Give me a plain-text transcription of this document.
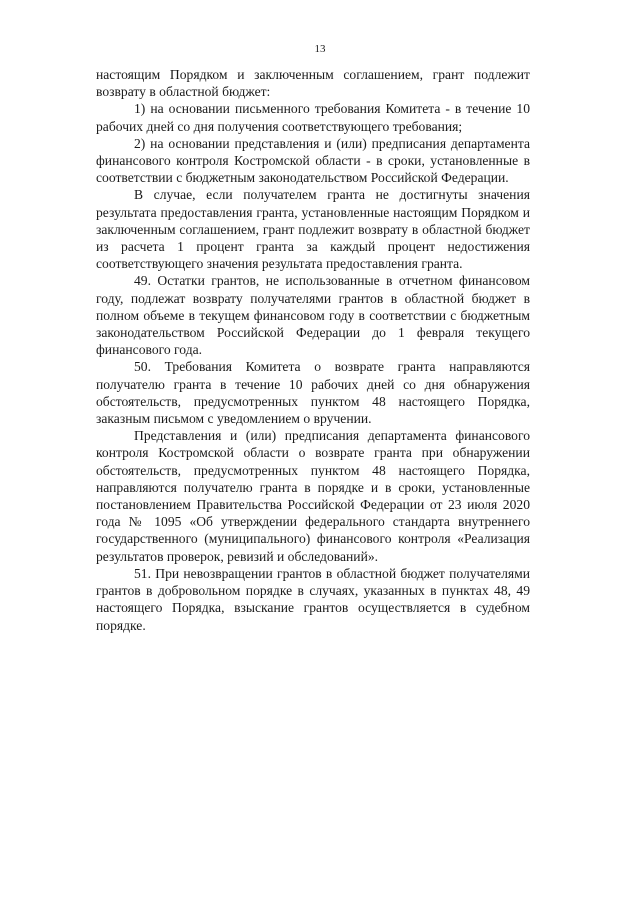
13

настоящим Порядком и заключенным соглашением, грант подлежит возврату в областной бюджет:

1) на основании письменного требования Комитета - в течение 10 рабочих дней со дня получения соответствующего требования;

2) на основании представления и (или) предписания департамента финансового контроля Костромской области - в сроки, установленные в соответствии с бюджетным законодательством Российской Федерации.

В случае, если получателем гранта не достигнуты значения результата предоставления гранта, установленные настоящим Порядком и заключенным соглашением, грант подлежит возврату в областной бюджет из расчета 1 процент гранта за каждый процент недостижения соответствующего значения результата предоставления гранта.

49. Остатки грантов, не использованные в отчетном финансовом году, подлежат возврату получателями грантов в областной бюджет в полном объеме в текущем финансовом году в соответствии с бюджетным законодательством Российской Федерации до 1 февраля текущего финансового года.

50. Требования Комитета о возврате гранта направляются получателю гранта в течение 10 рабочих дней со дня обнаружения обстоятельств, предусмотренных пунктом 48 настоящего Порядка, заказным письмом с уведомлением о вручении.

Представления и (или) предписания департамента финансового контроля Костромской области о возврате гранта при обнаружении обстоятельств, предусмотренных пунктом 48 настоящего Порядка, направляются получателю гранта в порядке и в сроки, установленные постановлением Правительства Российской Федерации от 23 июля 2020 года № 1095 «Об утверждении федерального стандарта внутреннего государственного (муниципального) финансового контроля «Реализация результатов проверок, ревизий и обследований».

51. При невозвращении грантов в областной бюджет получателями грантов в добровольном порядке в случаях, указанных в пунктах 48, 49 настоящего Порядка, взыскание грантов осуществляется в судебном порядке.
